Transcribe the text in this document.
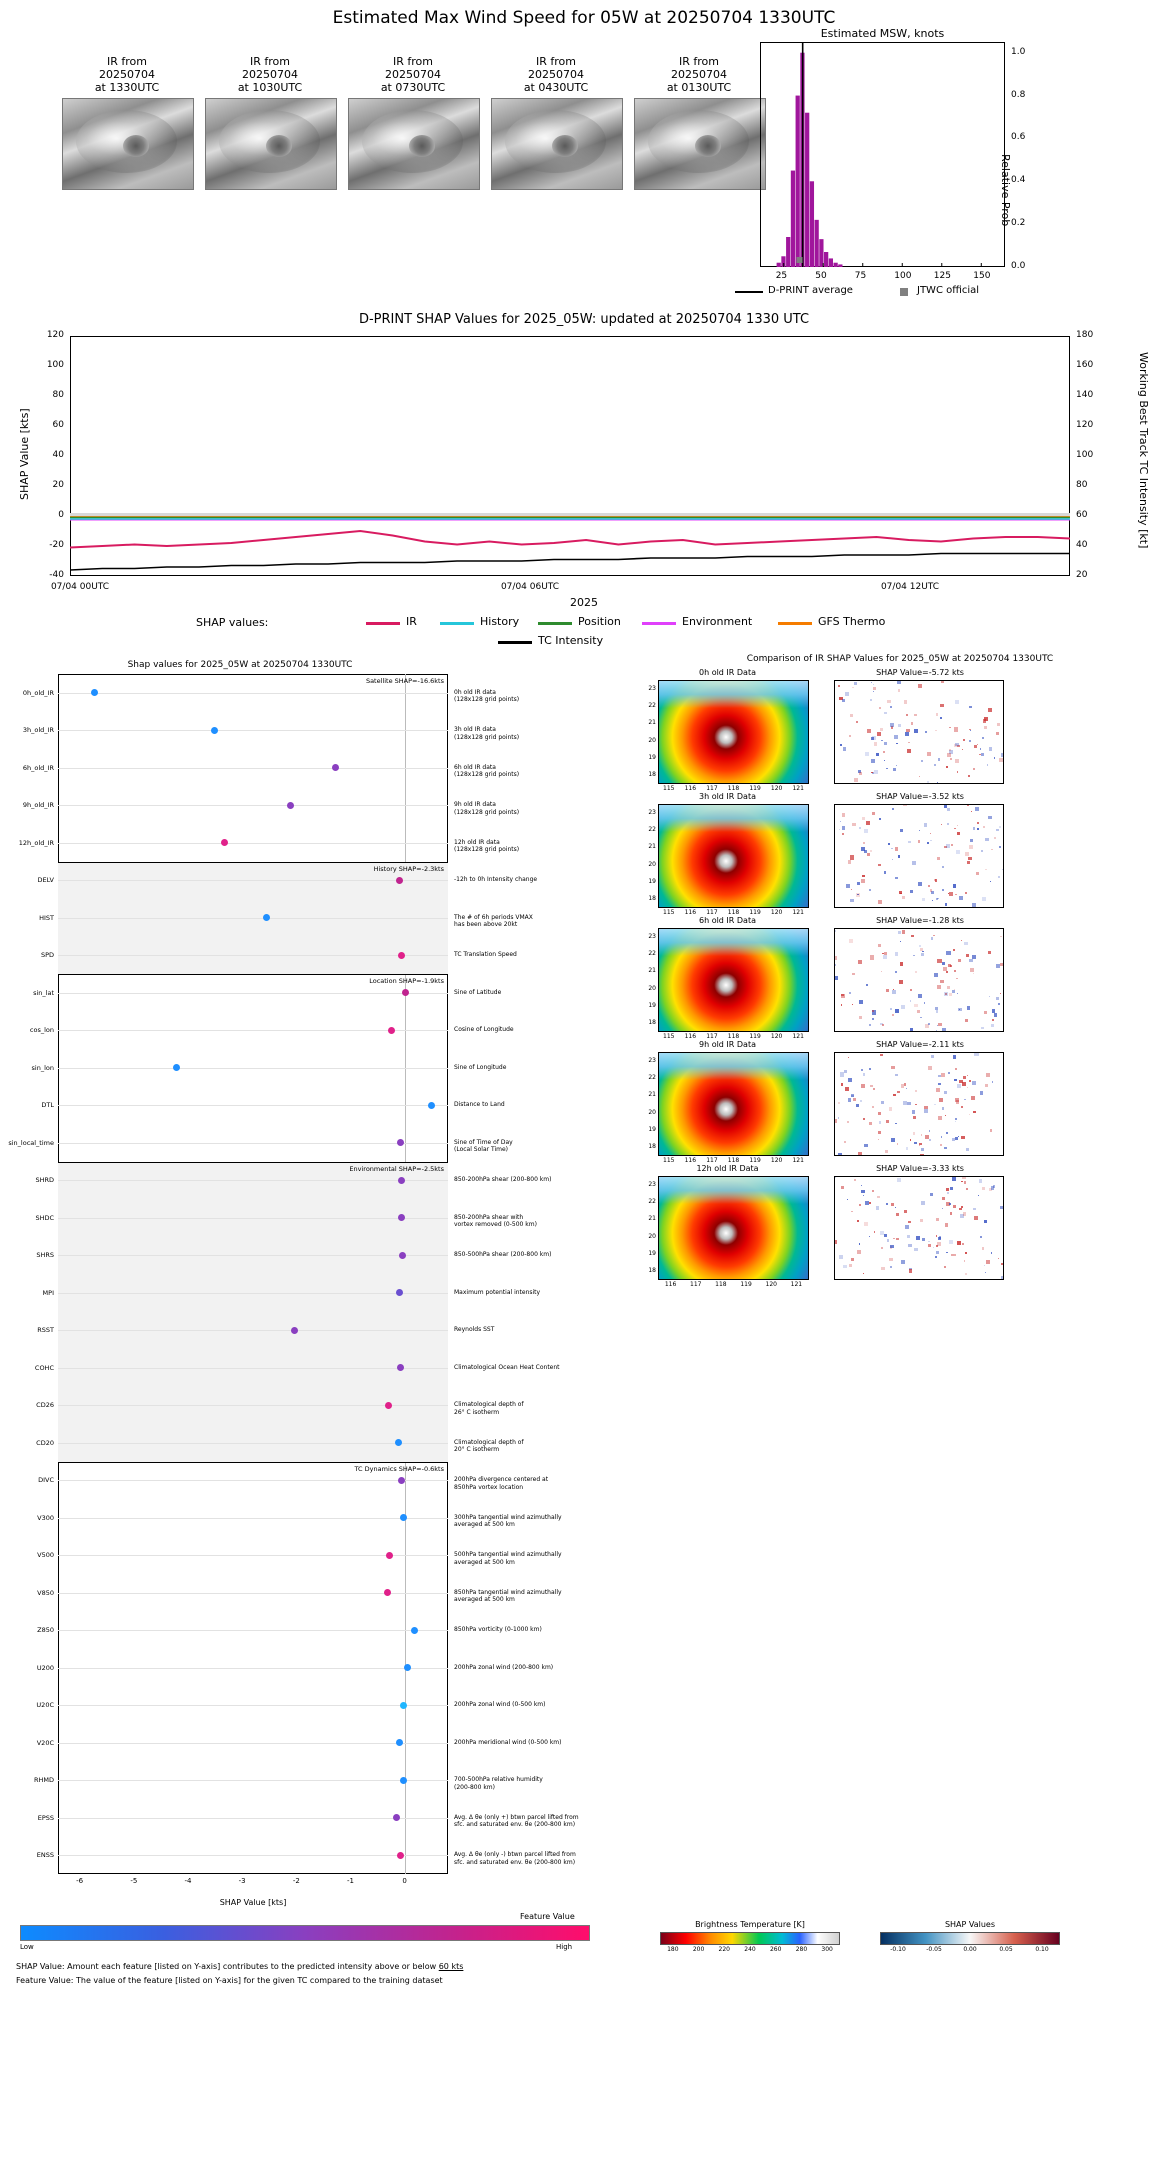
Estimated Max Wind Speed for 05W at 20250704 1330UTC
IR from
20250704
at 1330UTC
IR from
20250704
at 1030UTC
IR from
20250704
at 0730UTC
IR from
20250704
at 0430UTC
IR from
20250704
at 0130UTC
Estimated MSW, knots
25	50	75	100 125 150
0.0
0.2
0.4
0.6
0.8
1.0
Relative Prob
D-PRINT average	JTWC official
D-PRINT SHAP Values for 2025_05W: updated at 20250704 1330 UTC
120
100
80
60
40
20
0
-20
-40
180
160
140
120
100
80
60
40
20
07/04 00UTC	07/04 06UTC	07/04 12UTC
SHAP Value [kts]	Working Best Track TC Intensity [kt]
2025
SHAP values:	IR	History	Position	Environment	GFS Thermo
TC Intensity
Shap values for 2025_05W at 20250704 1330UTC
0h_old_IR
3h_old_IR
6h_old_IR
9h_old_IR
12h_old_IR
DELV
HIST
SPD
sin_lat
cos_lon
sin_lon
DTL
sin_local_time
SHRD
SHDC
SHRS
MPI
RSST
COHC
CD26
CD20
DIVC
V300
V500
V850
Z850
U200
U20C
V20C
RHMD
EPSS
ENSS
Satellite SHAP=-16.6kts
0h old IR data
(128x128 grid points)
3h old IR data
(128x128 grid points)
6h old IR data
(128x128 grid points)
9h old IR data
(128x128 grid points)
12h old IR data
(128x128 grid points)
History SHAP=-2.3kts
-12h to 0h Intensity change
The # of 6h periods VMAX
has been above 20kt
TC Translation Speed
Location SHAP=-1.9kts
Sine of Latitude
Cosine of Longitude
Sine of Longitude
Distance to Land
Sine of Time of Day
(Local Solar Time)
Environmental SHAP=-2.5kts
850-200hPa shear (200-800 km)
850-200hPa shear with
vortex removed (0-500 km)
850-500hPa shear (200-800 km)
Maximum potential intensity
Reynolds SST
Climatological Ocean Heat Content
Climatological depth of
26° C isotherm
Climatological depth of
20° C isotherm
TC Dynamics SHAP=-0.6kts
200hPa divergence centered at
850hPa vortex location
300hPa tangential wind azimuthally
averaged at 500 km
500hPa tangential wind azimuthally
averaged at 500 km
850hPa tangential wind azimuthally
averaged at 500 km
850hPa vorticity (0-1000 km)
200hPa zonal wind (200-800 km)
200hPa zonal wind (0-500 km)
200hPa meridional wind (0-500 km)
700-500hPa relative humidity
(200-800 km)
Avg. Δ θe (only +) btwn parcel lifted from
sfc. and saturated env. θe (200-800 km)
Avg. Δ θe (only -) btwn parcel lifted from
sfc. and saturated env. θe (200-800 km)
-6	-5	-4	-3	-2	-1	0
SHAP Value [kts]
Low	High
Feature Value
SHAP Value: Amount each feature [listed on Y-axis] contributes to the predicted intensity above or below 60 kts
Feature Value: The value of the feature [listed on Y-axis] for the given TC compared to the training dataset
Comparison of IR SHAP Values for 2025_05W at 20250704 1330UTC
0h old IR Data	SHAP Value=-5.72 kts
115	116	117	118	119	120	121
23
22
21
20
19
18
3h old IR Data	SHAP Value=-3.52 kts
115	116	117	118	119	120	121
23
22
21
20
19
18
6h old IR Data	SHAP Value=-1.28 kts
115	116	117	118	119	120	121
23
22
21
20
19
18
9h old IR Data	SHAP Value=-2.11 kts
115	116	117	118	119	120	121
23
22
21
20
19
18
12h old IR Data	SHAP Value=-3.33 kts
116	117	118	119	120	121
23
22
21
20
19
18
Brightness Temperature [K]
180	200	220	240	260	280	300
SHAP Values
-0.10	-0.05	0.00	0.05	0.10
